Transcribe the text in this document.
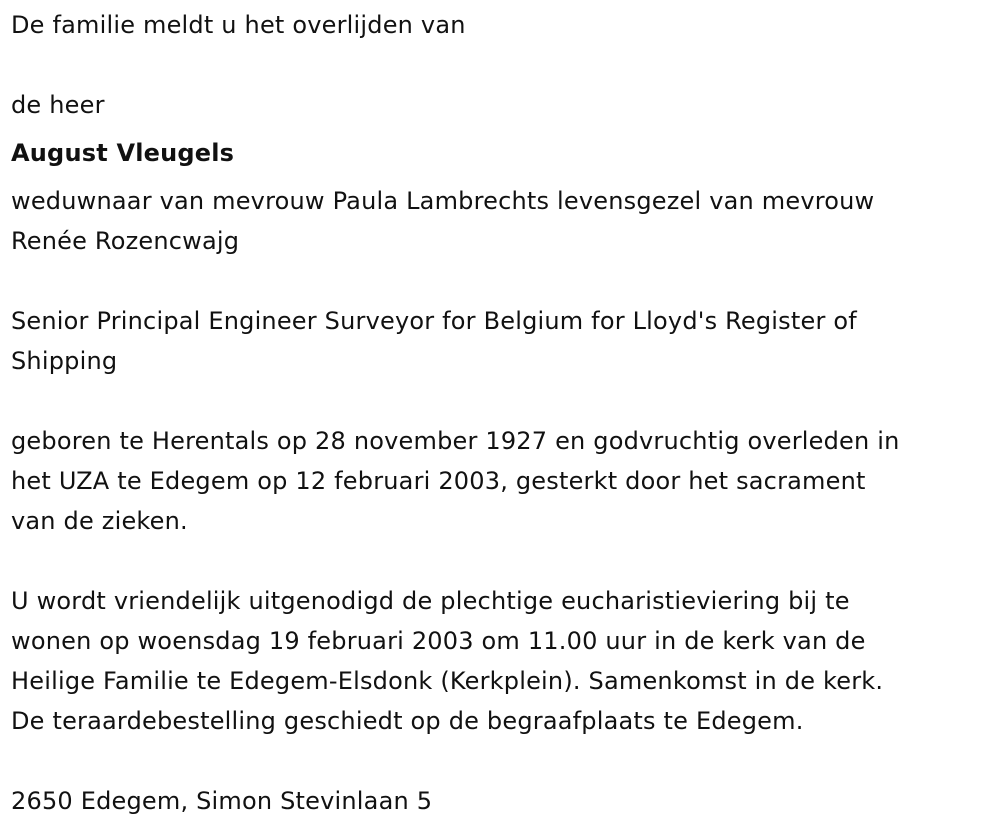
De familie meldt u het overlijden van

de heer

August Vleugels

weduwnaar van mevrouw Paula Lambrechts levensgezel van mevrouw

Renée Rozencwajg

Senior Principal Engineer Surveyor for Belgium for Lloyd's Register of

Shipping

geboren te Herentals op 28 november 1927 en godvruchtig overleden in

het UZA te Edegem op 12 februari 2003, gesterkt door het sacrament

van de zieken.

U wordt vriendelijk uitgenodigd de plechtige eucharistieviering bij te

wonen op woensdag 19 februari 2003 om 11.00 uur in de kerk van de

Heilige Familie te Edegem-Elsdonk (Kerkplein). Samenkomst in de kerk.

De teraardebestelling geschiedt op de begraafplaats te Edegem.

2650 Edegem, Simon Stevinlaan 5
